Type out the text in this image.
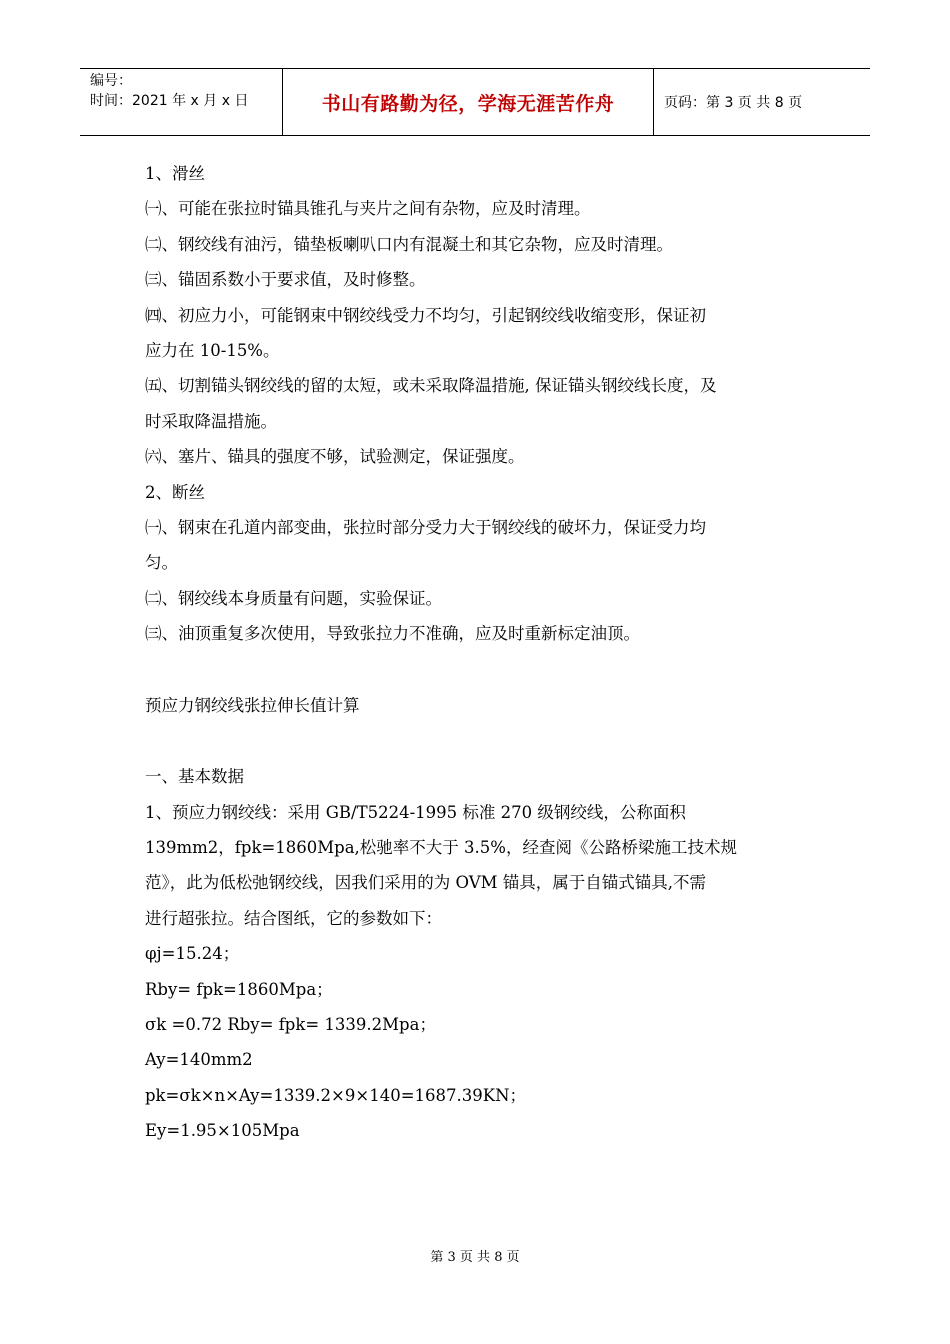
编号：
时间：2021 年 x 月 x 日	书山有路勤为径，学海无涯苦作舟	页码：第 3 页 共 8 页

1、滑丝

㈠、可能在张拉时锚具锥孔与夹片之间有杂物，应及时清理。

㈡、钢绞线有油污，锚垫板喇叭口内有混凝土和其它杂物，应及时清理。

㈢、锚固系数小于要求值，及时修整。

㈣、初应力小，可能钢束中钢绞线受力不均匀，引起钢绞线收缩变形，保证初

应力在 10-15%。

㈤、切割锚头钢绞线的留的太短，或未采取降温措施, 保证锚头钢绞线长度，及

时采取降温措施。

㈥、塞片、锚具的强度不够，试验测定，保证强度。

2、断丝

㈠、钢束在孔道内部变曲，张拉时部分受力大于钢绞线的破坏力，保证受力均

匀。

㈡、钢绞线本身质量有问题，实验保证。

㈢、油顶重复多次使用，导致张拉力不准确，应及时重新标定油顶。

预应力钢绞线张拉伸长值计算

一、基本数据

1、预应力钢绞线：采用 GB/T5224-1995 标准 270 级钢绞线，公称面积

139mm2，fpk=1860Mpa,松驰率不大于 3.5%，经查阅《公路桥梁施工技术规

范》，此为低松弛钢绞线，因我们采用的为 OVM 锚具，属于自锚式锚具,不需

进行超张拉。结合图纸，它的参数如下：

φj=15.24；

Rby= fpk=1860Mpa；

σk =0.72 Rby= fpk= 1339.2Mpa；

Ay=140mm2

pk=σk×n×Ay=1339.2×9×140=1687.39KN；

Ey=1.95×105Mpa

第 3 页 共 8 页
